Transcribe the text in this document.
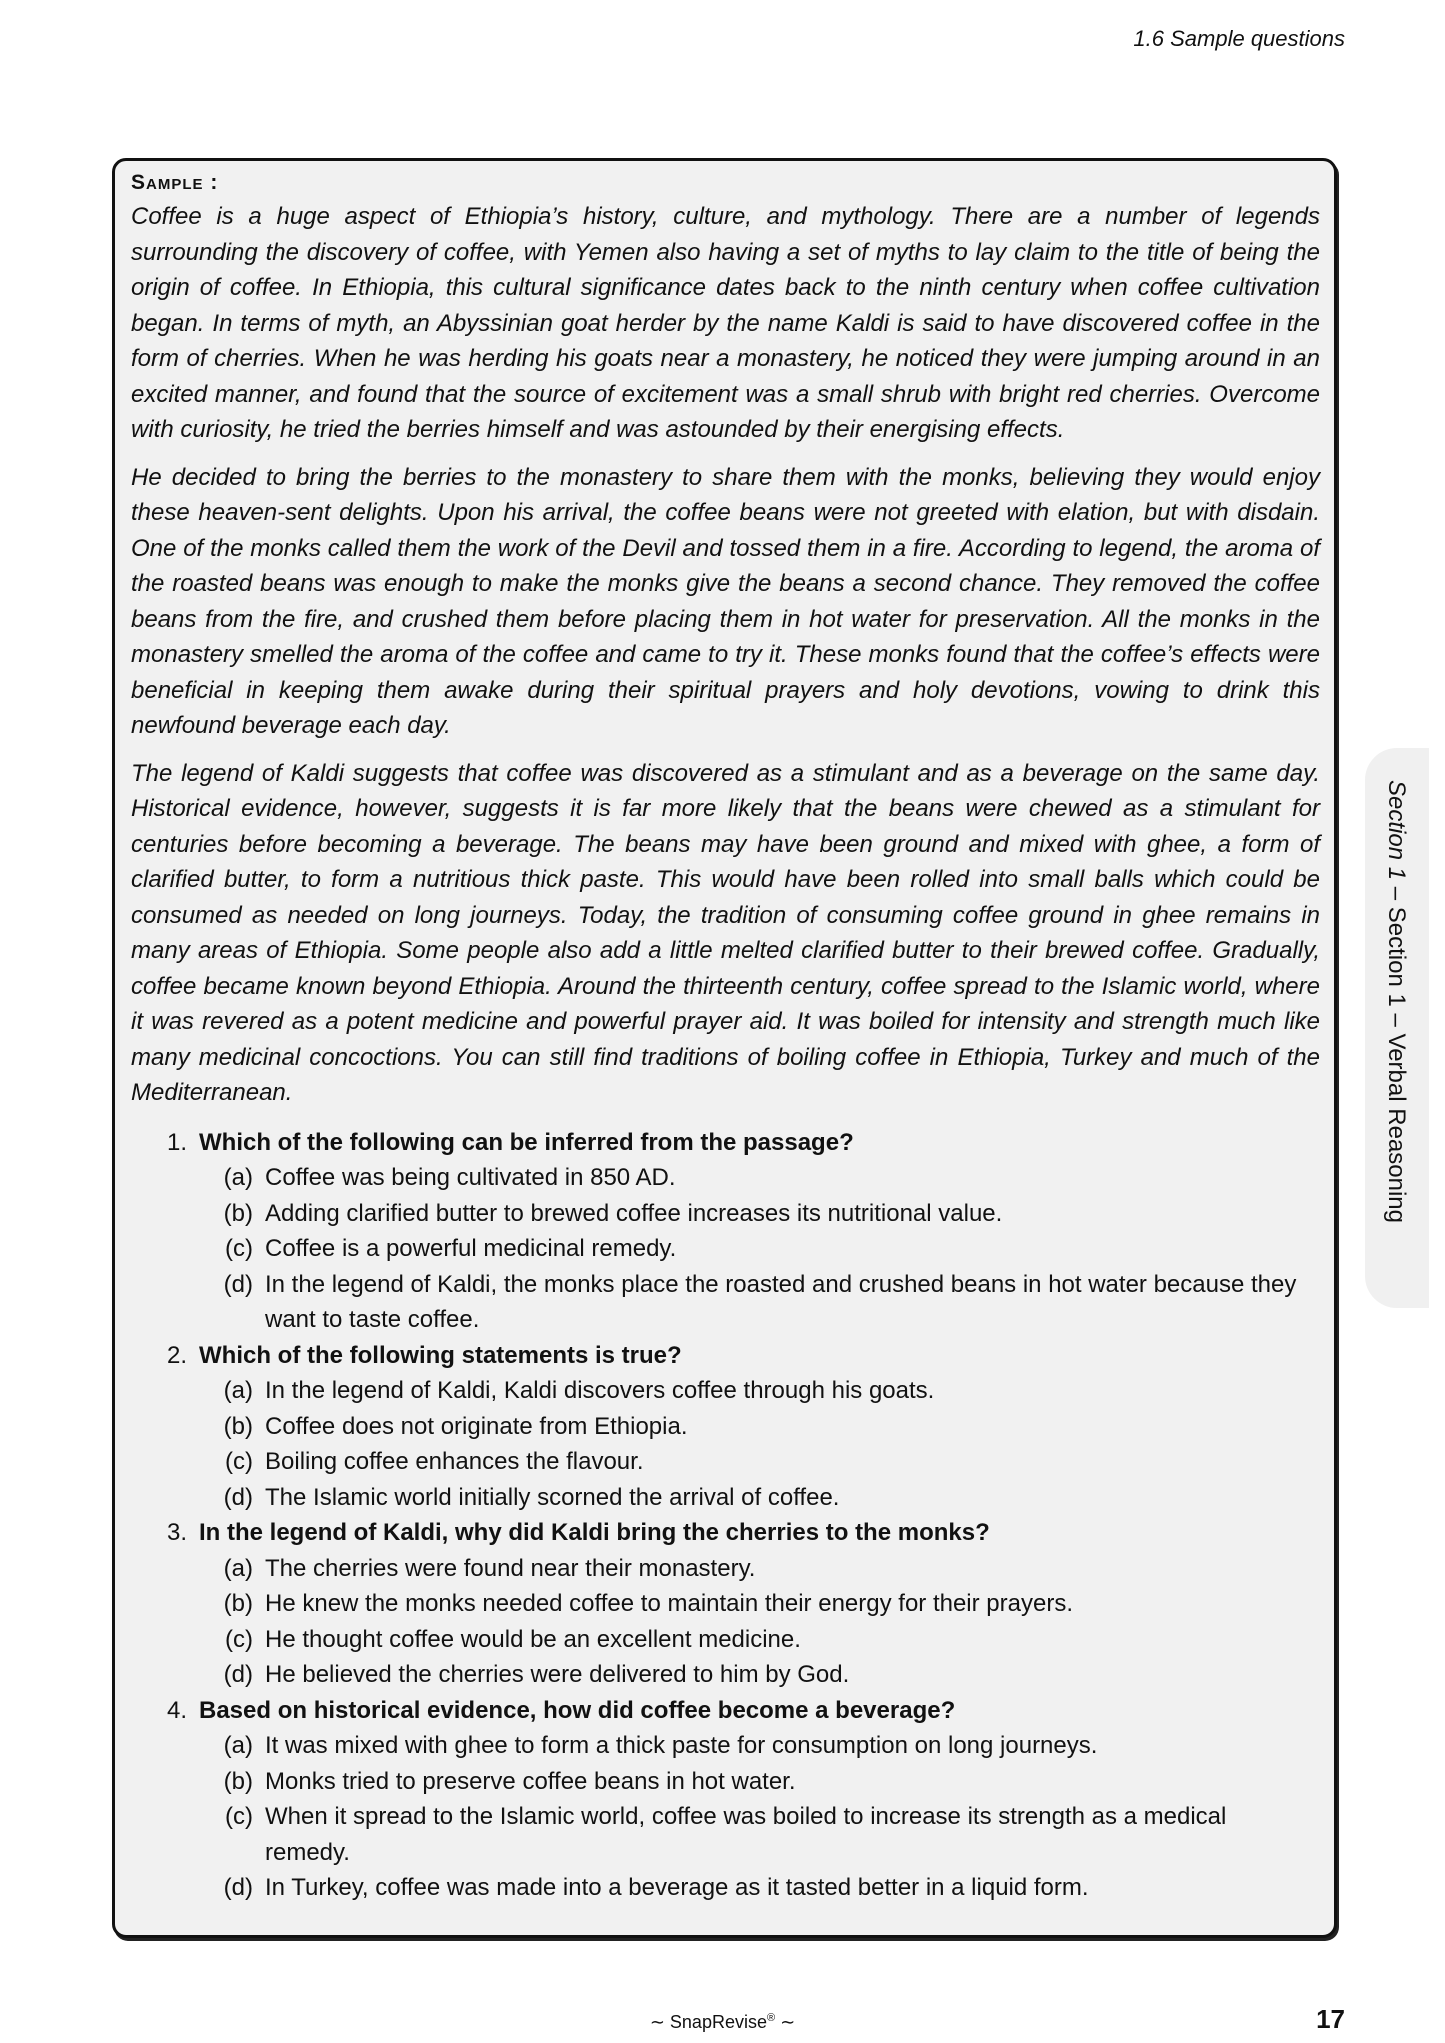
1.6 Sample questions
Sample :

Coffee is a huge aspect of Ethiopia’s history, culture, and mythology. There are a number of legends surrounding the discovery of coffee, with Yemen also having a set of myths to lay claim to the title of being the origin of coffee. In Ethiopia, this cultural significance dates back to the ninth century when coffee cultivation began. In terms of myth, an Abyssinian goat herder by the name Kaldi is said to have discovered coffee in the form of cherries. When he was herding his goats near a monastery, he noticed they were jumping around in an excited manner, and found that the source of excitement was a small shrub with bright red cherries. Overcome with curiosity, he tried the berries himself and was astounded by their energising effects.

He decided to bring the berries to the monastery to share them with the monks, believing they would enjoy these heaven-sent delights. Upon his arrival, the coffee beans were not greeted with elation, but with disdain. One of the monks called them the work of the Devil and tossed them in a fire. According to legend, the aroma of the roasted beans was enough to make the monks give the beans a second chance. They removed the coffee beans from the fire, and crushed them before placing them in hot water for preservation. All the monks in the monastery smelled the aroma of the coffee and came to try it. These monks found that the coffee’s effects were beneficial in keeping them awake during their spiritual prayers and holy devotions, vowing to drink this newfound beverage each day.

The legend of Kaldi suggests that coffee was discovered as a stimulant and as a beverage on the same day. Historical evidence, however, suggests it is far more likely that the beans were chewed as a stimulant for centuries before becoming a beverage. The beans may have been ground and mixed with ghee, a form of clarified butter, to form a nutritious thick paste. This would have been rolled into small balls which could be consumed as needed on long journeys. Today, the tradition of consuming coffee ground in ghee remains in many areas of Ethiopia. Some people also add a little melted clarified butter to their brewed coffee. Gradually, coffee became known beyond Ethiopia. Around the thirteenth century, coffee spread to the Islamic world, where it was revered as a potent medicine and powerful prayer aid. It was boiled for intensity and strength much like many medicinal concoctions. You can still find traditions of boiling coffee in Ethiopia, Turkey and much of the Mediterranean.

1. Which of the following can be inferred from the passage?
(a) Coffee was being cultivated in 850 AD.
(b) Adding clarified butter to brewed coffee increases its nutritional value.
(c) Coffee is a powerful medicinal remedy.
(d) In the legend of Kaldi, the monks place the roasted and crushed beans in hot water because they want to taste coffee.
2. Which of the following statements is true?
(a) In the legend of Kaldi, Kaldi discovers coffee through his goats.
(b) Coffee does not originate from Ethiopia.
(c) Boiling coffee enhances the flavour.
(d) The Islamic world initially scorned the arrival of coffee.
3. In the legend of Kaldi, why did Kaldi bring the cherries to the monks?
(a) The cherries were found near their monastery.
(b) He knew the monks needed coffee to maintain their energy for their prayers.
(c) He thought coffee would be an excellent medicine.
(d) He believed the cherries were delivered to him by God.
4. Based on historical evidence, how did coffee become a beverage?
(a) It was mixed with ghee to form a thick paste for consumption on long journeys.
(b) Monks tried to preserve coffee beans in hot water.
(c) When it spread to the Islamic world, coffee was boiled to increase its strength as a medical remedy.
(d) In Turkey, coffee was made into a beverage as it tasted better in a liquid form.
Section 1 – Section 1 – Verbal Reasoning
∼ SnapRevise® ∼	17
